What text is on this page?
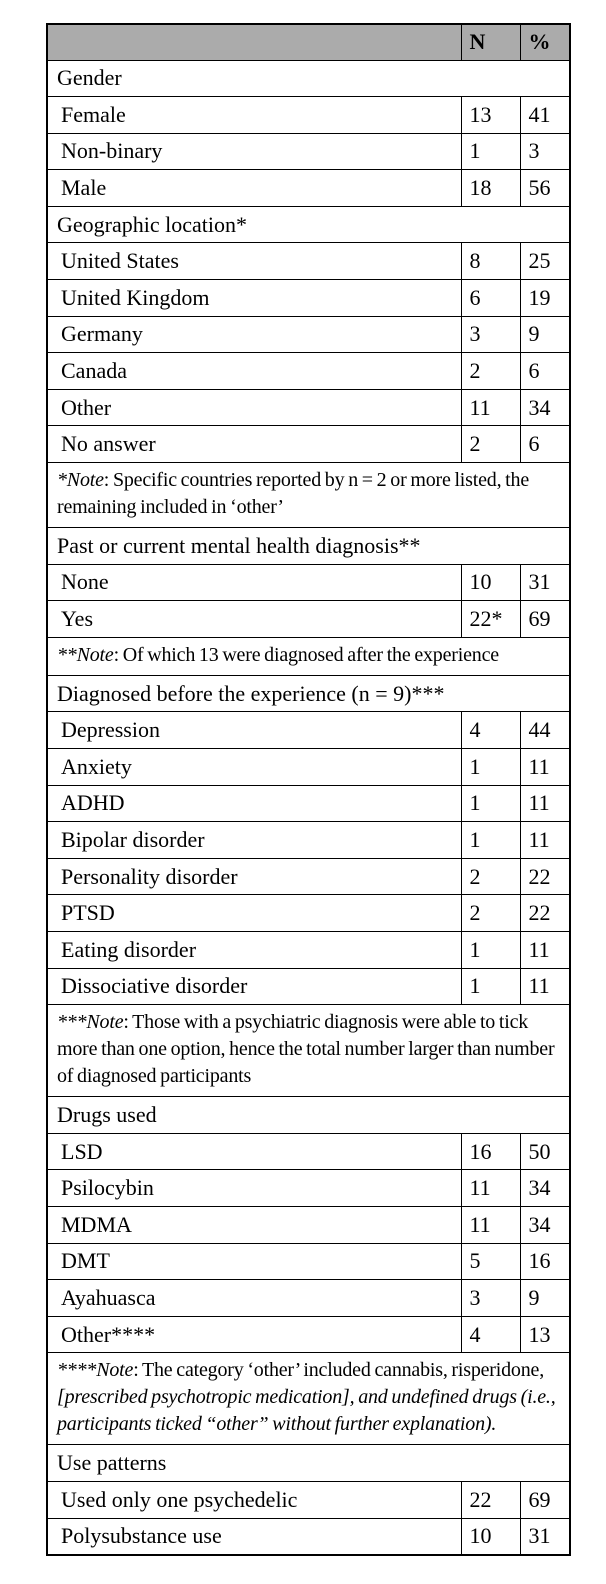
	N	%
Gender		
Female	13	41
Non-binary	1	3
Male	18	56
Geographic location*		
United States	8	25
United Kingdom	6	19
Germany	3	9
Canada	2	6
Other	11	34
No answer	2	6
*Note: Specific countries reported by n = 2 or more listed, the remaining included in ‘other’		
Past or current mental health diagnosis**		
None	10	31
Yes	22*	69
**Note: Of which 13 were diagnosed after the experience		
Diagnosed before the experience (n = 9)***		
Depression	4	44
Anxiety	1	11
ADHD	1	11
Bipolar disorder	1	11
Personality disorder	2	22
PTSD	2	22
Eating disorder	1	11
Dissociative disorder	1	11
***Note: Those with a psychiatric diagnosis were able to tick more than one option, hence the total number larger than number of diagnosed participants		
Drugs used		
LSD	16	50
Psilocybin	11	34
MDMA	11	34
DMT	5	16
Ayahuasca	3	9
Other****	4	13
****Note: The category ‘other’ included cannabis, risperidone, [prescribed psychotropic medication], and undefined drugs (i.e., participants ticked “other” without further explanation).		
Use patterns		
Used only one psychedelic	22	69
Polysubstance use	10	31
